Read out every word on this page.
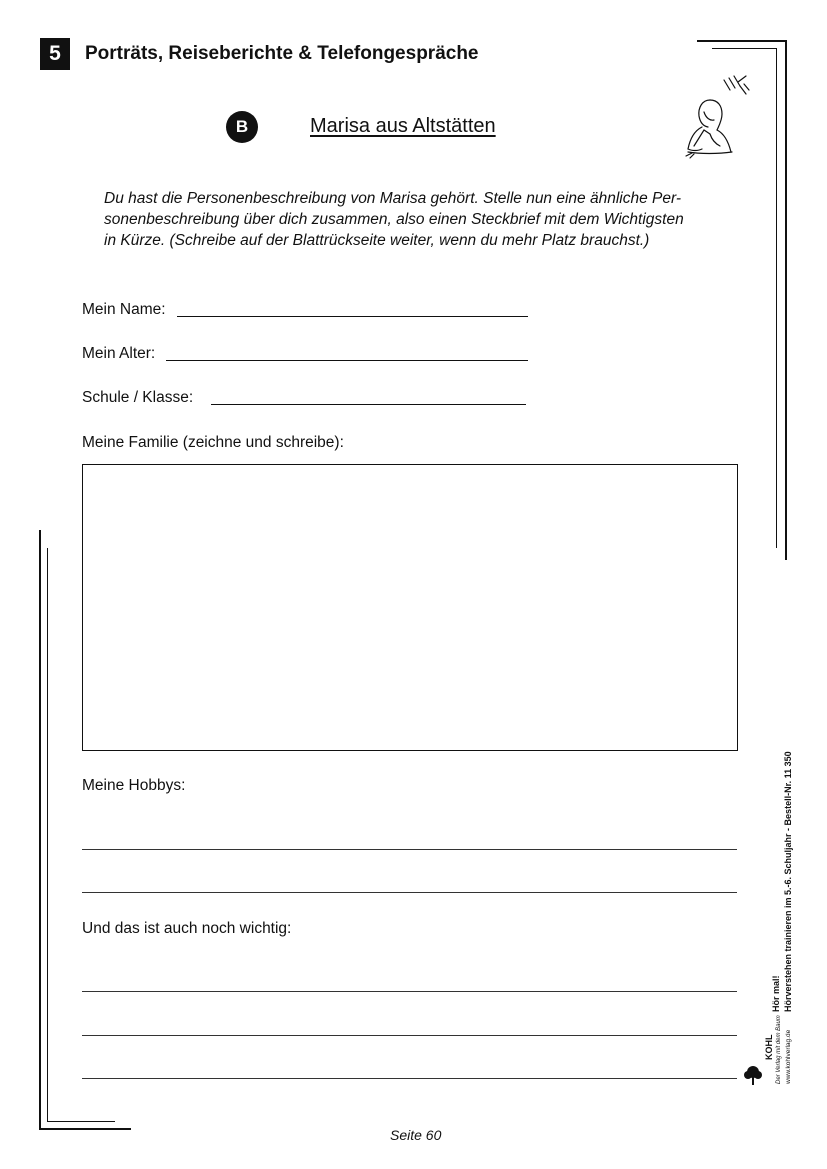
5	Porträts, Reiseberichte & Telefongespräche
B	Marisa aus Altstätten
Du hast die Personenbeschreibung von Marisa gehört. Stelle nun eine ähnliche Per-
sonenbeschreibung über dich zusammen, also einen Steckbrief mit dem Wichtigsten
in Kürze. (Schreibe auf der Blattrückseite weiter, wenn du mehr Platz brauchst.)
Mein Name:
Mein Alter:
Schule / Klasse:
Meine Familie (zeichne und schreibe):
Meine Hobbys:
Und das ist auch noch wichtig:
Hör mal! Hörverstehen trainieren im 5.-6. Schuljahr - Bestell-Nr. 11 350
KOHL www.kohlverlag.de
Der Verlag mit dem Baum
Seite 60
